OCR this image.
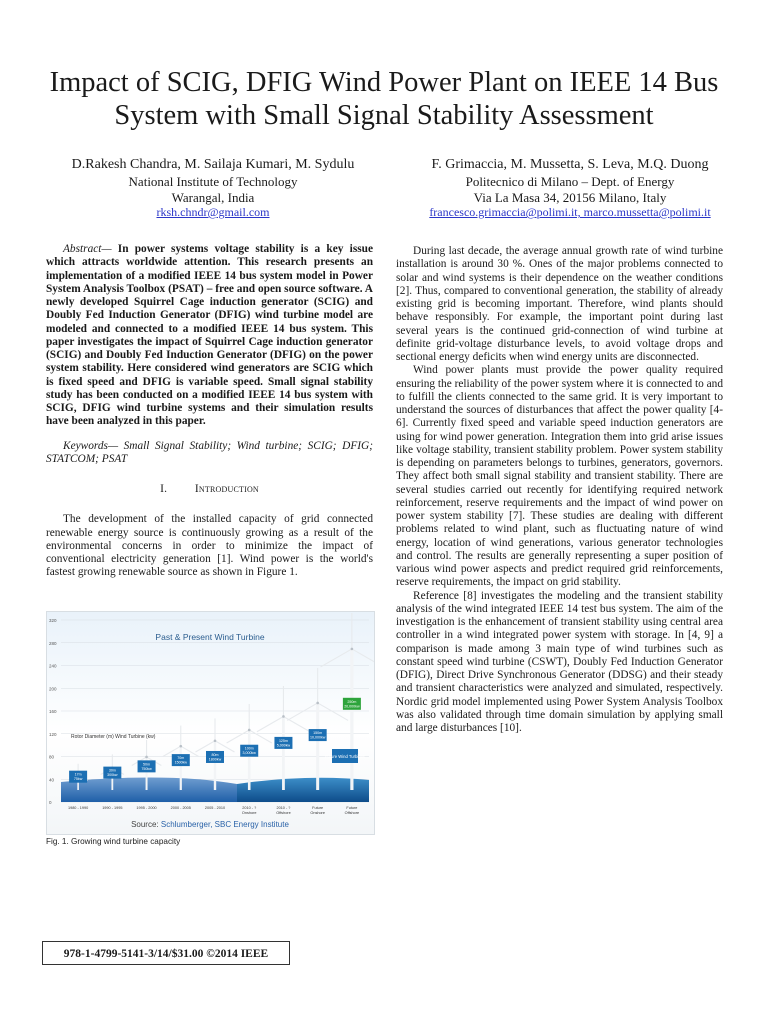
Impact of SCIG, DFIG Wind Power Plant on IEEE 14 Bus System with Small Signal Stability Assessment
D.Rakesh Chandra, M. Sailaja Kumari, M. Sydulu
National Institute of Technology
Warangal, India
rksh.chndr@gmail.com
F. Grimaccia, M. Mussetta, S. Leva, M.Q. Duong
Politecnico di Milano – Dept. of Energy
Via La Masa 34, 20156 Milano, Italy
francesco.grimaccia@polimi.it, marco.mussetta@polimi.it

Abstract— In power systems voltage stability is a key issue which attracts worldwide attention. This research presents an implementation of a modified IEEE 14 bus system model in Power System Analysis Toolbox (PSAT) – free and open source software. A newly developed Squirrel Cage induction generator (SCIG) and Doubly Fed Induction Generator (DFIG) wind turbine model are modeled and connected to a modified IEEE 14 bus system. This paper investigates the impact of Squirrel Cage induction generator (SCIG) and Doubly Fed Induction Generator (DFIG) on the power system stability. Here considered wind generators are SCIG which is fixed speed and DFIG is variable speed. Small signal stability study has been conducted on a modified IEEE 14 bus system with SCIG, DFIG wind turbine systems and their simulation results have been analyzed in this paper.

Keywords— Small Signal Stability; Wind turbine; SCIG; DFIG; STATCOM; PSAT

I. Introduction

The development of the installed capacity of grid connected renewable energy source is continuously growing as a result of the environmental concerns in order to minimize the impact of conventional electricity generation [1]. Wind power is the world's fastest growing renewable source as shown in Figure 1.

320
280
240
200
160
120
80
40
0
Past & Present Wind Turbine
Rotor Diameter (m) Wind Turbine (kw)
17m
75kw
30m
300kw
50m
750kw
70m
1500kw
80m
1800kw
100m
3,000kw
125m
5,000kw
150m
10,000kw
250m
20,000kw
Future Wind Turbines
1980 - 1990	1990 - 1995	1995 - 2000	2000 - 2005	2005 - 2010	2010 - ?
Onshore
2010 - ?
Offshore
Future
Onshore
Future
Offshore
Source: Schlumberger, SBC Energy Institute
Fig. 1. Growing wind turbine capacity

During last decade, the average annual growth rate of wind turbine installation is around 30 %. Ones of the major problems connected to solar and wind systems is their dependence on the weather conditions [2]. Thus, compared to conventional generation, the stability of already existing grid is becoming important. Therefore, wind plants should behave responsibly. For example, the important point during last several years is the continued grid-connection of wind turbine at definite grid-voltage disturbance levels, to avoid voltage drops and sectional energy deficits when wind energy units are disconnected.

Wind power plants must provide the power quality required ensuring the reliability of the power system where it is connected to and to fulfill the clients connected to the same grid. It is very important to understand the sources of disturbances that affect the power quality [4-6]. Currently fixed speed and variable speed induction generators are using for wind power generation. Integration them into grid arise issues like voltage stability, transient stability problem. Power system stability is depending on parameters belongs to turbines, generators, governors. They affect both small signal stability and transient stability. There are several studies carried out recently for identifying required network reinforcement, reserve requirements and the impact of wind power on power system stability [7]. These studies are dealing with different problems related to wind plant, such as fluctuating nature of wind energy, location of wind generations, various generator technologies and control. The results are generally representing a super position of various wind power aspects and predict required grid reinforcements, reserve requirements, the impact on grid stability.

Reference [8] investigates the modeling and the transient stability analysis of the wind integrated IEEE 14 test bus system. The aim of the investigation is the enhancement of transient stability using central area controller in a wind integrated power system with storage. In [4, 9] a comparison is made among 3 main type of wind turbines such as constant speed wind turbine (CSWT), Doubly Fed Induction Generator (DFIG), Direct Drive Synchronous Generator (DDSG) and their steady and transient characteristics were analyzed and simulated, respectively. Nordic grid model implemented using Power System Analysis Toolbox was also validated through time domain simulation by applying small and large disturbances [10].

978-1-4799-5141-3/14/$31.00 ©2014 IEEE
